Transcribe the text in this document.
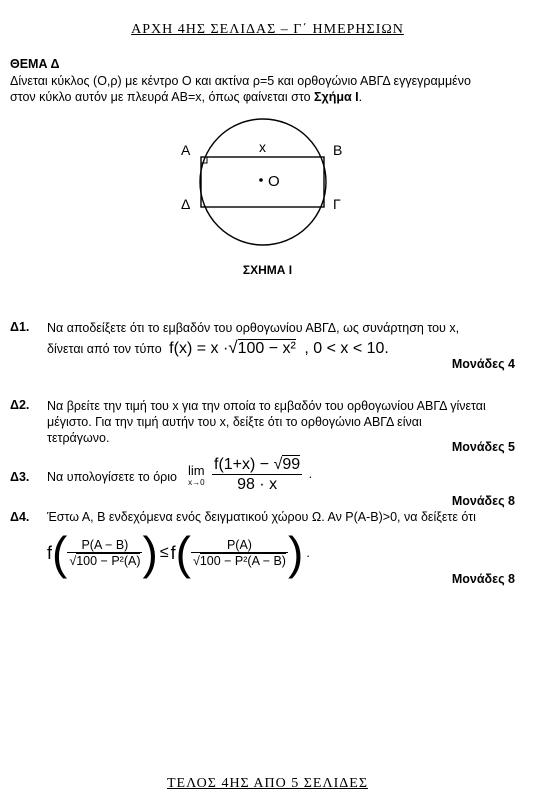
ΑΡΧΗ 4ΗΣ ΣΕΛΙΔΑΣ – Γ΄ ΗΜΕΡΗΣΙΩΝ
ΘΕΜΑ Δ
Δίνεται κύκλος (Ο,ρ) με κέντρο Ο και ακτίνα ρ=5 και ορθογώνιο ΑΒΓΔ εγγεγραμμένο
στον κύκλο αυτόν με πλευρά ΑΒ=x, όπως φαίνεται στο Σχήμα Ι.
Α	Β
Γ
Δ
Ο
x
ΣΧΗΜΑ Ι
Δ1. Να αποδείξετε ότι το εμβαδόν του ορθογωνίου ΑΒΓΔ, ως συνάρτηση του x,
δίνεται από τον τύπο f(x) = x ·√100 − x² , 0 < x < 10.
Μονάδες 4
Δ2. Να βρείτε την τιμή του x για την οποία το εμβαδόν του ορθογωνίου ΑΒΓΔ γίνεται
μέγιστο. Για την τιμή αυτήν του x, δείξτε ότι το ορθογώνιο ΑΒΓΔ είναι
τετράγωνο.
Μονάδες 5
Δ3. Να υπολογίσετε το όριο lim
$x\to 0 \frac{f(1+x) - √99}{98 \cdot x}$ .
Μονάδες 8
Δ4. Έστω Α, Β ενδεχόμενα ενός δειγματικού χώρου Ω. Αν P(A-B)>0, να δείξετε ότι
f ( $\frac{P(A - B)}{\text{√100 − P²(A)}}$ ) ≤ f ( $\frac{P(A)}{\text{√100 − P²(A − B)}}$ ) .
Μονάδες 8
ΤΕΛΟΣ 4ΗΣ ΑΠΟ 5 ΣΕΛΙΔΕΣ
